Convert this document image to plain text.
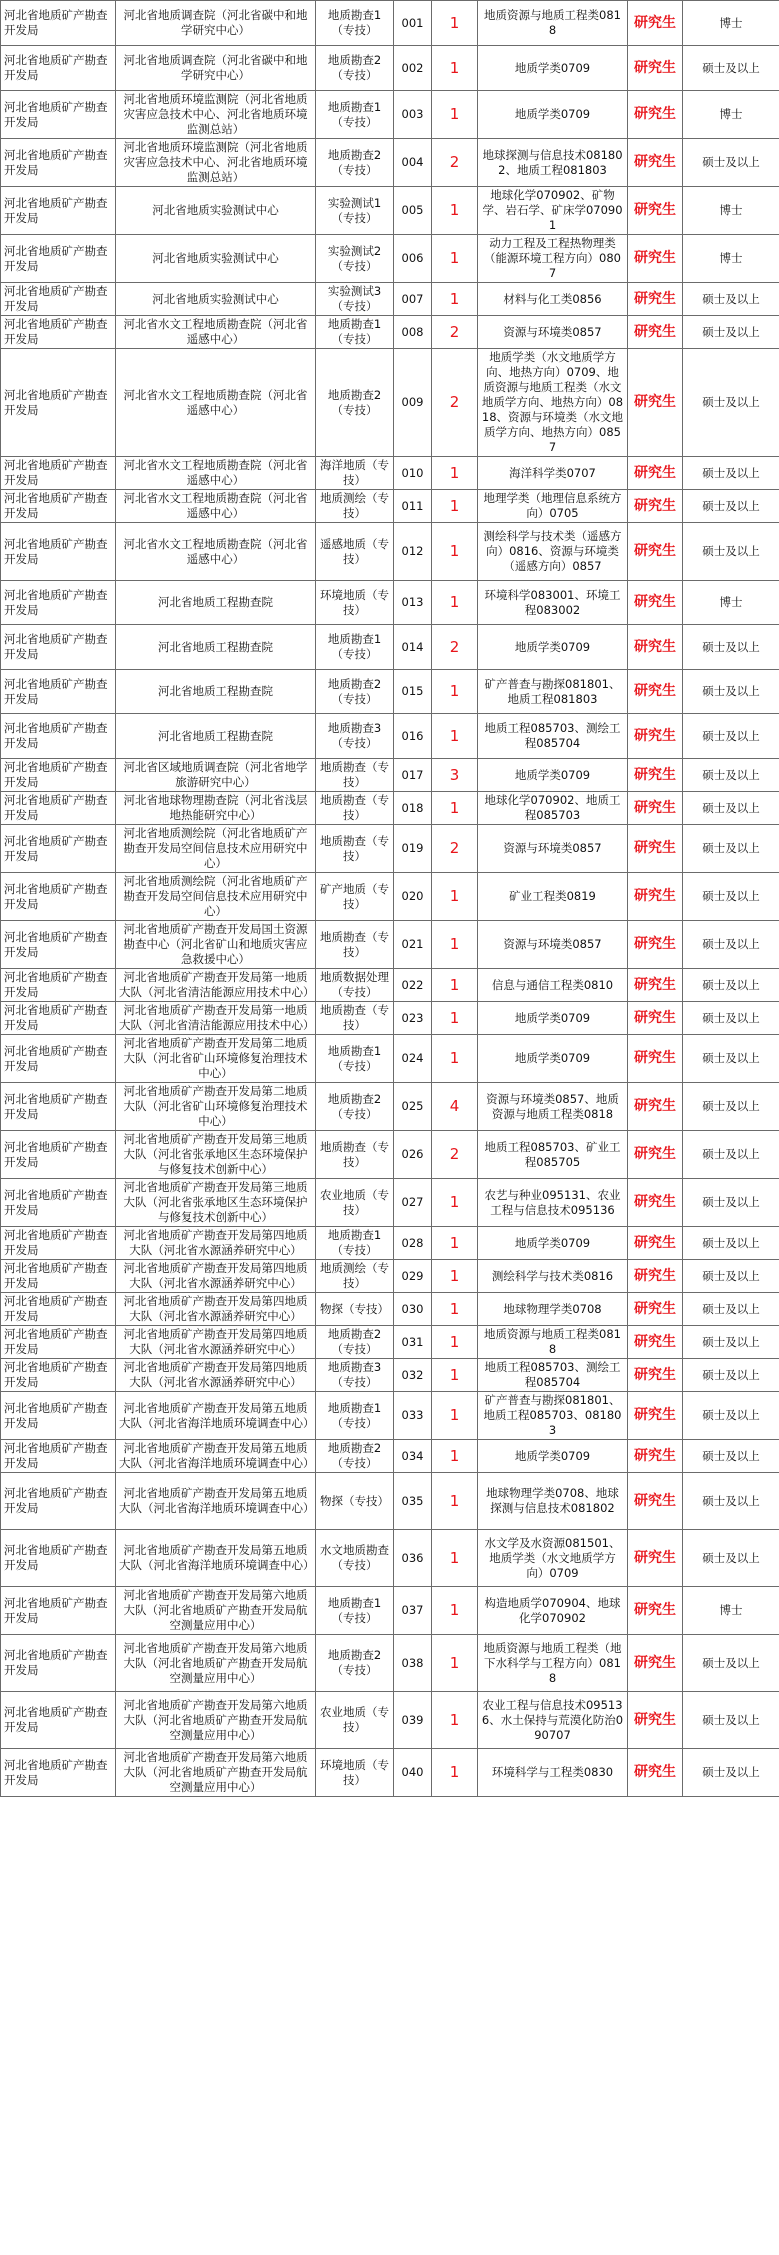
河北省地质矿产勘查开发局	河北省地质调查院（河北省碳中和地学研究中心）	地质勘查1（专技）	001	1	地质资源与地质工程类0818	研究生	博士
河北省地质矿产勘查开发局	河北省地质调查院（河北省碳中和地学研究中心）	地质勘查2（专技）	002	1	地质学类0709	研究生	硕士及以上
河北省地质矿产勘查开发局	河北省地质环境监测院（河北省地质灾害应急技术中心、河北省地质环境监测总站）	地质勘查1（专技）	003	1	地质学类0709	研究生	博士
河北省地质矿产勘查开发局	河北省地质环境监测院（河北省地质灾害应急技术中心、河北省地质环境监测总站）	地质勘查2（专技）	004	2	地球探测与信息技术081802、地质工程081803	研究生	硕士及以上
河北省地质矿产勘查开发局	河北省地质实验测试中心	实验测试1（专技）	005	1	地球化学070902、矿物学、岩石学、矿床学070901	研究生	博士
河北省地质矿产勘查开发局	河北省地质实验测试中心	实验测试2（专技）	006	1	动力工程及工程热物理类（能源环境工程方向）0807	研究生	博士
河北省地质矿产勘查开发局	河北省地质实验测试中心	实验测试3（专技）	007	1	材料与化工类0856	研究生	硕士及以上
河北省地质矿产勘查开发局	河北省水文工程地质勘查院（河北省遥感中心）	地质勘查1（专技）	008	2	资源与环境类0857	研究生	硕士及以上
河北省地质矿产勘查开发局	河北省水文工程地质勘查院（河北省遥感中心）	地质勘查2（专技）	009	2	地质学类（水文地质学方向、地热方向）0709、地质资源与地质工程类（水文地质学方向、地热方向）0818、资源与环境类（水文地质学方向、地热方向）0857	研究生	硕士及以上
河北省地质矿产勘查开发局	河北省水文工程地质勘查院（河北省遥感中心）	海洋地质（专技）	010	1	海洋科学类0707	研究生	硕士及以上
河北省地质矿产勘查开发局	河北省水文工程地质勘查院（河北省遥感中心）	地质测绘（专技）	011	1	地理学类（地理信息系统方向）0705	研究生	硕士及以上
河北省地质矿产勘查开发局	河北省水文工程地质勘查院（河北省遥感中心）	遥感地质（专技）	012	1	测绘科学与技术类（遥感方向）0816、资源与环境类（遥感方向）0857	研究生	硕士及以上
河北省地质矿产勘查开发局	河北省地质工程勘查院	环境地质（专技）	013	1	环境科学083001、环境工程083002	研究生	博士
河北省地质矿产勘查开发局	河北省地质工程勘查院	地质勘查1（专技）	014	2	地质学类0709	研究生	硕士及以上
河北省地质矿产勘查开发局	河北省地质工程勘查院	地质勘查2（专技）	015	1	矿产普查与勘探081801、地质工程081803	研究生	硕士及以上
河北省地质矿产勘查开发局	河北省地质工程勘查院	地质勘查3（专技）	016	1	地质工程085703、测绘工程085704	研究生	硕士及以上
河北省地质矿产勘查开发局	河北省区域地质调查院（河北省地学旅游研究中心）	地质勘查（专技）	017	3	地质学类0709	研究生	硕士及以上
河北省地质矿产勘查开发局	河北省地球物理勘查院（河北省浅层地热能研究中心）	地质勘查（专技）	018	1	地球化学070902、地质工程085703	研究生	硕士及以上
河北省地质矿产勘查开发局	河北省地质测绘院（河北省地质矿产勘查开发局空间信息技术应用研究中心）	地质勘查（专技）	019	2	资源与环境类0857	研究生	硕士及以上
河北省地质矿产勘查开发局	河北省地质测绘院（河北省地质矿产勘查开发局空间信息技术应用研究中心）	矿产地质（专技）	020	1	矿业工程类0819	研究生	硕士及以上
河北省地质矿产勘查开发局	河北省地质矿产勘查开发局国土资源勘查中心（河北省矿山和地质灾害应急救援中心）	地质勘查（专技）	021	1	资源与环境类0857	研究生	硕士及以上
河北省地质矿产勘查开发局	河北省地质矿产勘查开发局第一地质大队（河北省清洁能源应用技术中心）	地质数据处理（专技）	022	1	信息与通信工程类0810	研究生	硕士及以上
河北省地质矿产勘查开发局	河北省地质矿产勘查开发局第一地质大队（河北省清洁能源应用技术中心）	地质勘查（专技）	023	1	地质学类0709	研究生	硕士及以上
河北省地质矿产勘查开发局	河北省地质矿产勘查开发局第二地质大队（河北省矿山环境修复治理技术中心）	地质勘查1（专技）	024	1	地质学类0709	研究生	硕士及以上
河北省地质矿产勘查开发局	河北省地质矿产勘查开发局第二地质大队（河北省矿山环境修复治理技术中心）	地质勘查2（专技）	025	4	资源与环境类0857、地质资源与地质工程类0818	研究生	硕士及以上
河北省地质矿产勘查开发局	河北省地质矿产勘查开发局第三地质大队（河北省张承地区生态环境保护与修复技术创新中心）	地质勘查（专技）	026	2	地质工程085703、矿业工程085705	研究生	硕士及以上
河北省地质矿产勘查开发局	河北省地质矿产勘查开发局第三地质大队（河北省张承地区生态环境保护与修复技术创新中心）	农业地质（专技）	027	1	农艺与种业095131、农业工程与信息技术095136	研究生	硕士及以上
河北省地质矿产勘查开发局	河北省地质矿产勘查开发局第四地质大队（河北省水源涵养研究中心）	地质勘查1（专技）	028	1	地质学类0709	研究生	硕士及以上
河北省地质矿产勘查开发局	河北省地质矿产勘查开发局第四地质大队（河北省水源涵养研究中心）	地质测绘（专技）	029	1	测绘科学与技术类0816	研究生	硕士及以上
河北省地质矿产勘查开发局	河北省地质矿产勘查开发局第四地质大队（河北省水源涵养研究中心）	物探（专技）	030	1	地球物理学类0708	研究生	硕士及以上
河北省地质矿产勘查开发局	河北省地质矿产勘查开发局第四地质大队（河北省水源涵养研究中心）	地质勘查2（专技）	031	1	地质资源与地质工程类0818	研究生	硕士及以上
河北省地质矿产勘查开发局	河北省地质矿产勘查开发局第四地质大队（河北省水源涵养研究中心）	地质勘查3（专技）	032	1	地质工程085703、测绘工程085704	研究生	硕士及以上
河北省地质矿产勘查开发局	河北省地质矿产勘查开发局第五地质大队（河北省海洋地质环境调查中心）	地质勘查1（专技）	033	1	矿产普查与勘探081801、地质工程085703、081803	研究生	硕士及以上
河北省地质矿产勘查开发局	河北省地质矿产勘查开发局第五地质大队（河北省海洋地质环境调查中心）	地质勘查2（专技）	034	1	地质学类0709	研究生	硕士及以上
河北省地质矿产勘查开发局	河北省地质矿产勘查开发局第五地质大队（河北省海洋地质环境调查中心）	物探（专技）	035	1	地球物理学类0708、地球探测与信息技术081802	研究生	硕士及以上
河北省地质矿产勘查开发局	河北省地质矿产勘查开发局第五地质大队（河北省海洋地质环境调查中心）	水文地质勘查（专技）	036	1	水文学及水资源081501、地质学类（水文地质学方向）0709	研究生	硕士及以上
河北省地质矿产勘查开发局	河北省地质矿产勘查开发局第六地质大队（河北省地质矿产勘查开发局航空测量应用中心）	地质勘查1（专技）	037	1	构造地质学070904、地球化学070902	研究生	博士
河北省地质矿产勘查开发局	河北省地质矿产勘查开发局第六地质大队（河北省地质矿产勘查开发局航空测量应用中心）	地质勘查2（专技）	038	1	地质资源与地质工程类（地下水科学与工程方向）0818	研究生	硕士及以上
河北省地质矿产勘查开发局	河北省地质矿产勘查开发局第六地质大队（河北省地质矿产勘查开发局航空测量应用中心）	农业地质（专技）	039	1	农业工程与信息技术095136、水土保持与荒漠化防治090707	研究生	硕士及以上
河北省地质矿产勘查开发局	河北省地质矿产勘查开发局第六地质大队（河北省地质矿产勘查开发局航空测量应用中心）	环境地质（专技）	040	1	环境科学与工程类0830	研究生	硕士及以上
